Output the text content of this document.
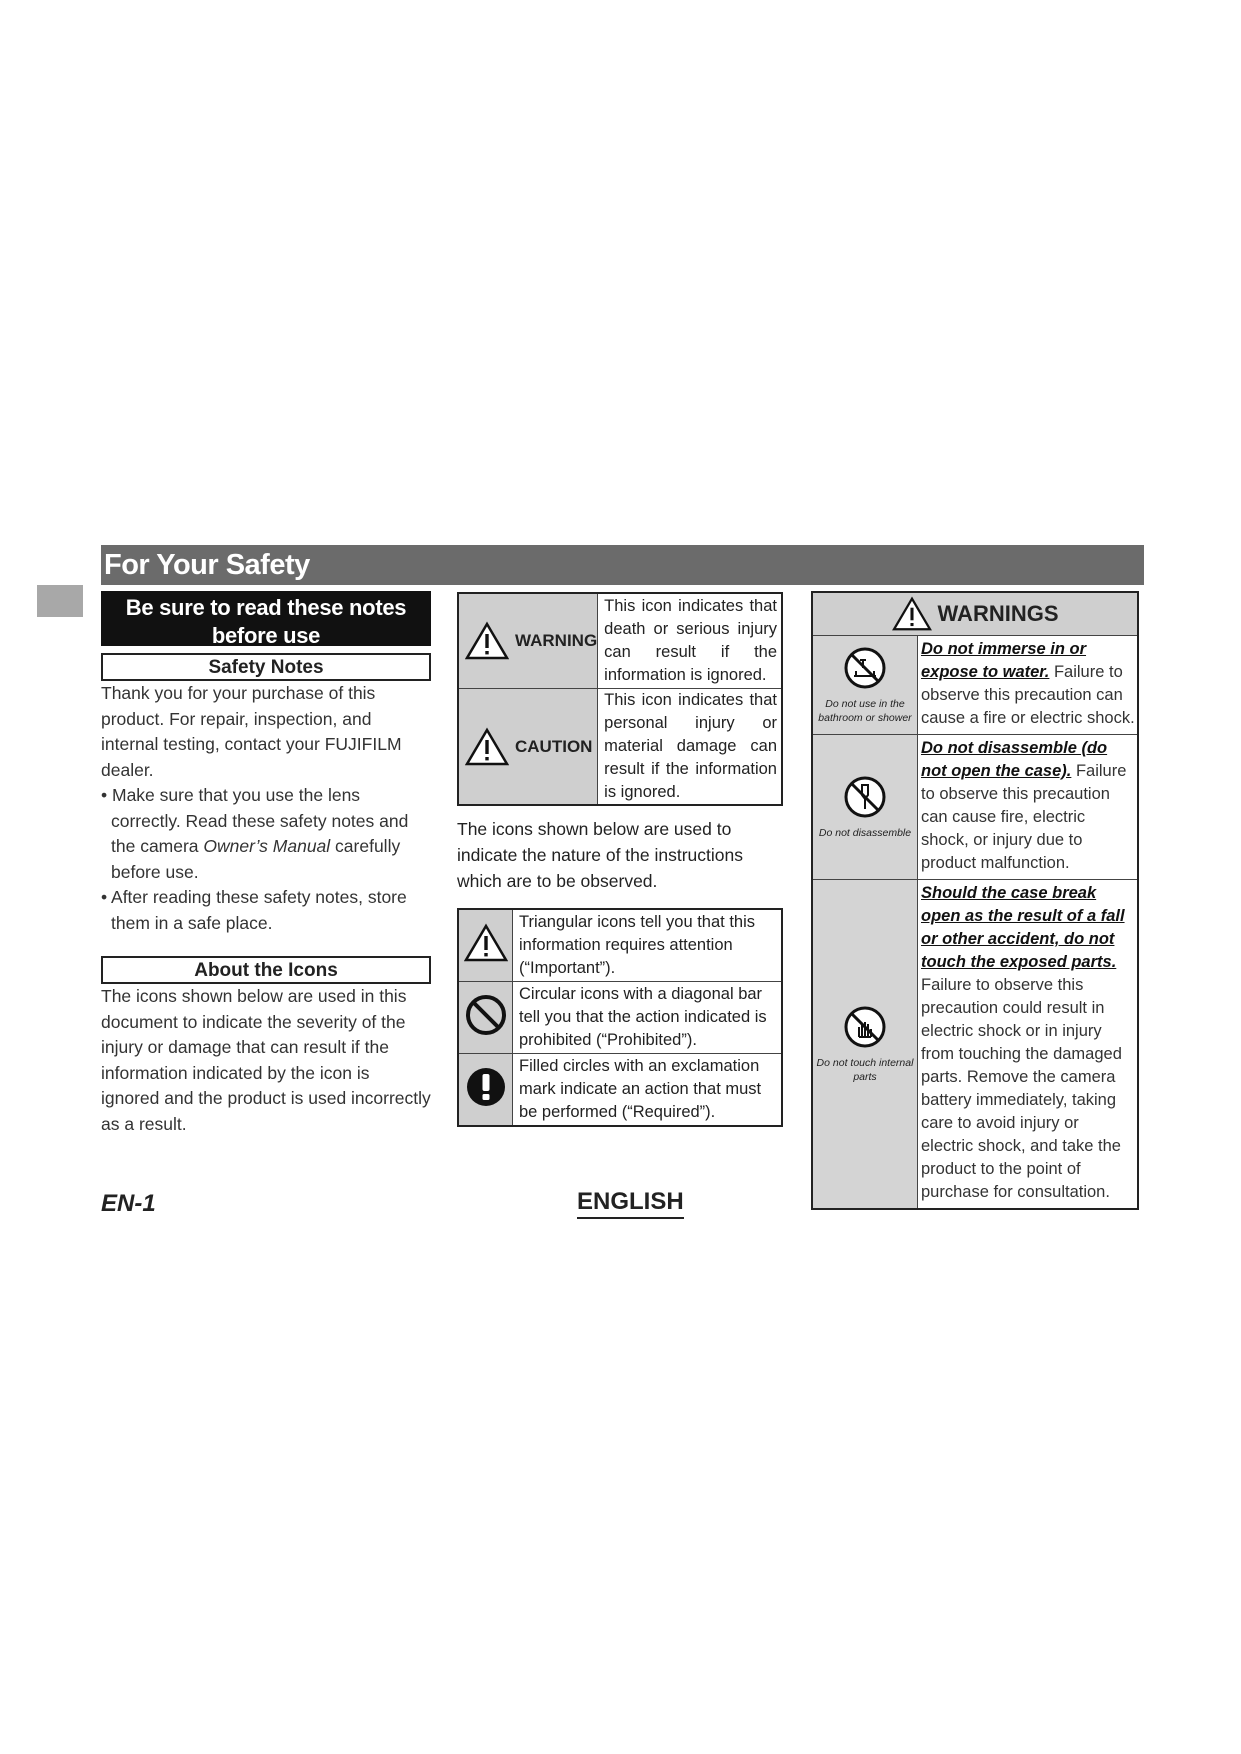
For Your Safety
Be sure to read these notes
before use
Safety Notes
Thank you for your purchase of this product. For repair, inspection, and internal testing, contact your FUJIFILM dealer.
• Make sure that you use the lens correctly. Read these safety notes and the camera Owner’s Manual carefully before use.
• After reading these safety notes, store them in a safe place.
About the Icons
The icons shown below are used in this document to indicate the severity of the injury or damage that can result if the information indicated by the icon is ignored and the product is used incorrectly as a result.
WARNING	This icon indicates that death or serious injury can result if the information is ignored.

CAUTION	This icon indicates that personal injury or material damage can result if the information is ignored.
The icons shown below are used to indicate the nature of the instructions which are to be observed.
	Triangular icons tell you that this information requires attention (“Important”).
	Circular icons with a diagonal bar tell you that the action indicated is prohibited (“Prohibited”).
	Filled circles with an exclamation mark indicate an action that must be performed (“Required”).
WARNINGS	

Do not use in the bathroom or shower	Do not immerse in or expose to water. Failure to observe this precaution can cause a fire or electric shock.

Do not disassemble	Do not disassemble (do not open the case). Failure to observe this precaution can cause fire, electric shock, or injury due to product malfunction.

Do not touch internal parts	Should the case break open as the result of a fall or other accident, do not touch the exposed parts. Failure to observe this precaution could result in electric shock or in injury from touching the damaged parts. Remove the camera battery immediately, taking care to avoid injury or electric shock, and take the product to the point of purchase for consultation.
EN-1	ENGLISH
